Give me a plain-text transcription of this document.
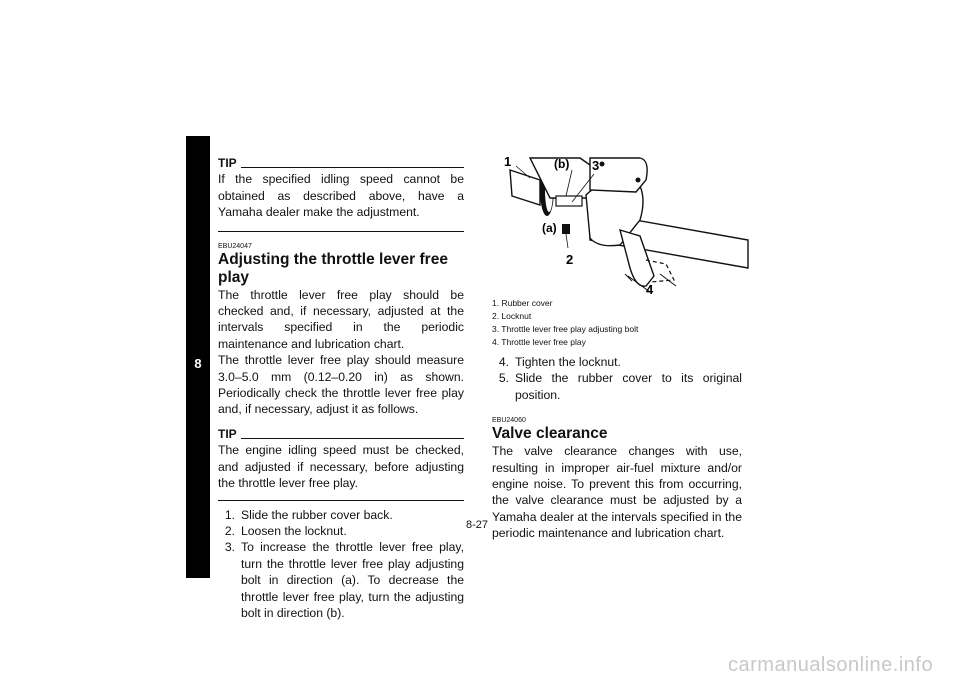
8
TIP

If the specified idling speed cannot be obtained as described above, have a Yamaha dealer make the adjustment.

EBU24047
Adjusting the throttle lever free play

The throttle lever free play should be checked and, if necessary, adjusted at the intervals specified in the periodic maintenance and lubrication chart.

The throttle lever free play should measure 3.0–5.0 mm (0.12–0.20 in) as shown. Periodically check the throttle lever free play and, if necessary, adjust it as follows.

TIP

The engine idling speed must be checked, and adjusted if necessary, before adjusting the throttle lever free play.

1. Slide the rubber cover back.
2. Loosen the locknut.
3. To increase the throttle lever free play, turn the throttle lever free play adjusting bolt in direction (a). To decrease the throttle lever free play, turn the adjusting bolt in direction (b).
1	(b) 3
(a)
2
4
1. Rubber cover
2. Locknut
3. Throttle lever free play adjusting bolt
4. Throttle lever free play
4. Tighten the locknut.
5. Slide the rubber cover to its original position.
EBU24060
Valve clearance

The valve clearance changes with use, resulting in improper air-fuel mixture and/or engine noise. To prevent this from occurring, the valve clearance must be adjusted by a Yamaha dealer at the intervals specified in the periodic maintenance and lubrication chart.

8-27
carmanualsonline.info
